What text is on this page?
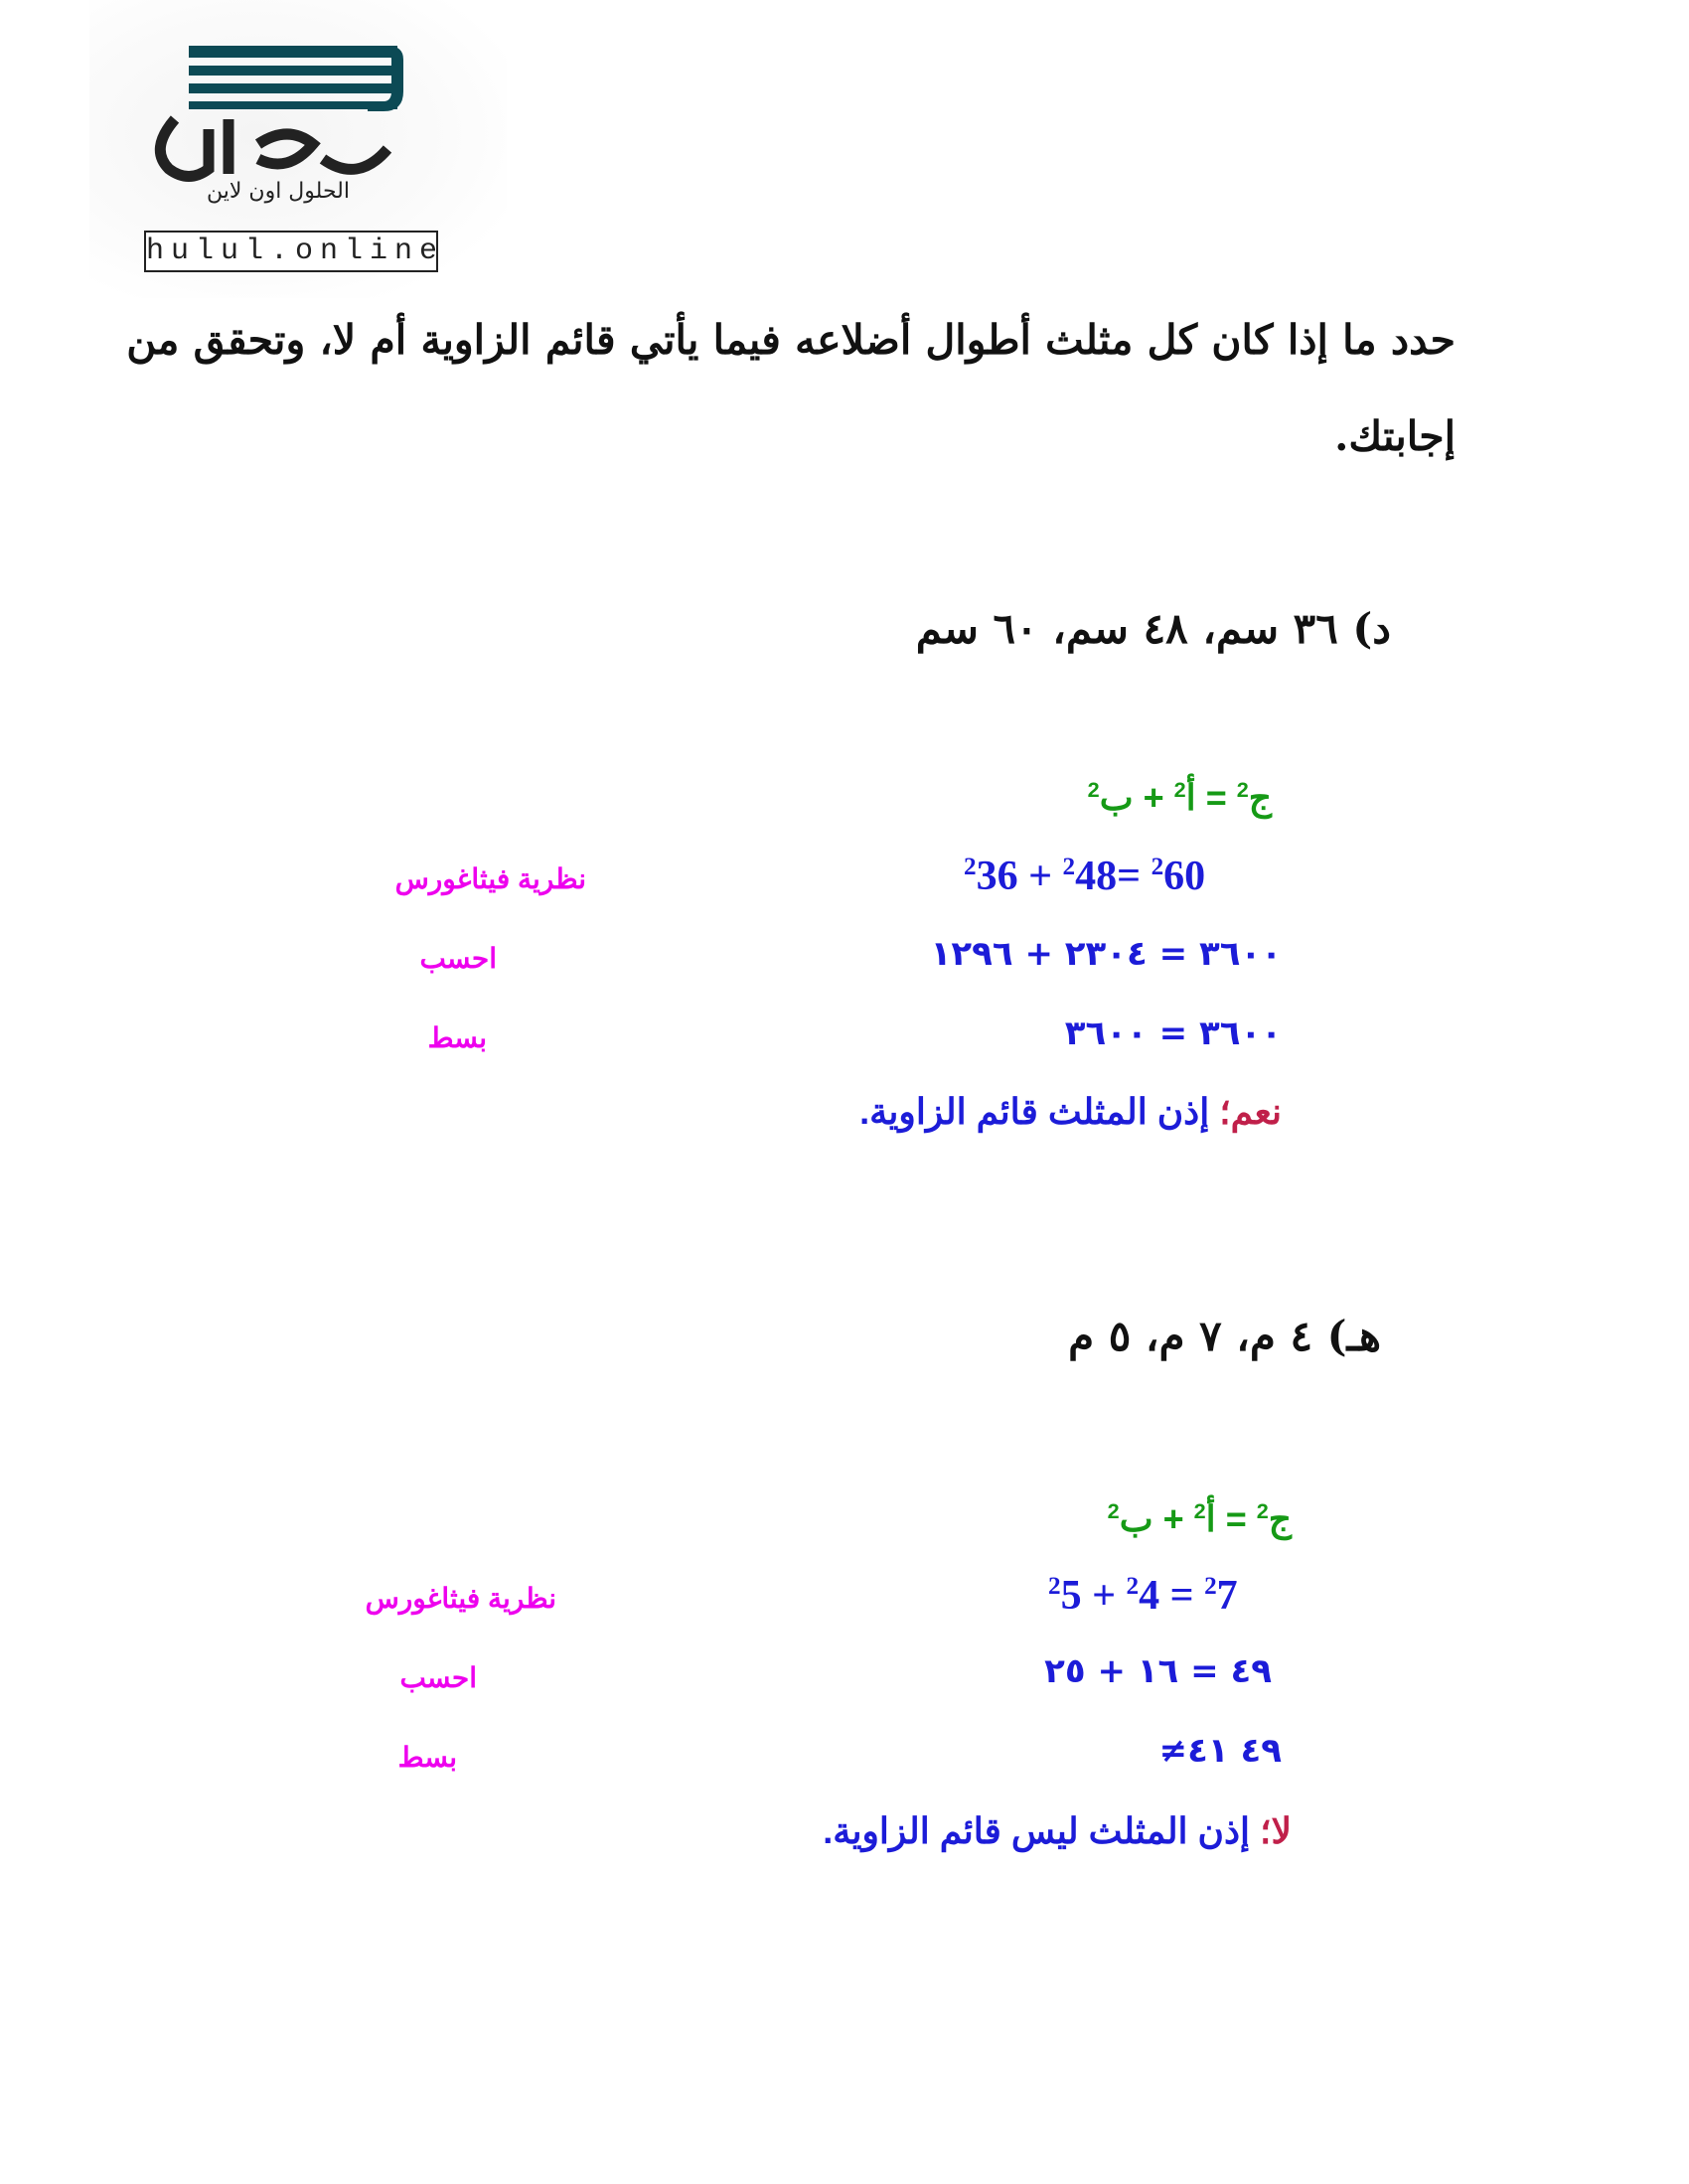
الحلول اون لاين
hulul.online
حدد ما إذا كان كل مثلث أطوال أضلاعه فيما يأتي قائم الزاوية أم لا، وتحقق من
إجابتك.
د) ٣٦ سم، ٤٨ سم، ٦٠ سم
ج$^2$ = أ$^2$ + ب$^2$
$^2$36 + $^2$48= $^2$60
نظرية فيثاغورس
٣٦٠٠ = ٢٣٠٤ + ١٢٩٦
احسب
٣٦٠٠ = ٣٦٠٠
بسط
نعم؛ إذن المثلث قائم الزاوية.
هـ) ٤ م، ٧ م، ٥ م
ج$^2$ = أ$^2$ + ب$^2$
$^2$5 + $^2$4 = $^2$7
نظرية فيثاغورس
٤٩ = ١٦ + ٢٥
احسب
≠٤٩ ٤١
بسط
لا؛ إذن المثلث ليس قائم الزاوية.
